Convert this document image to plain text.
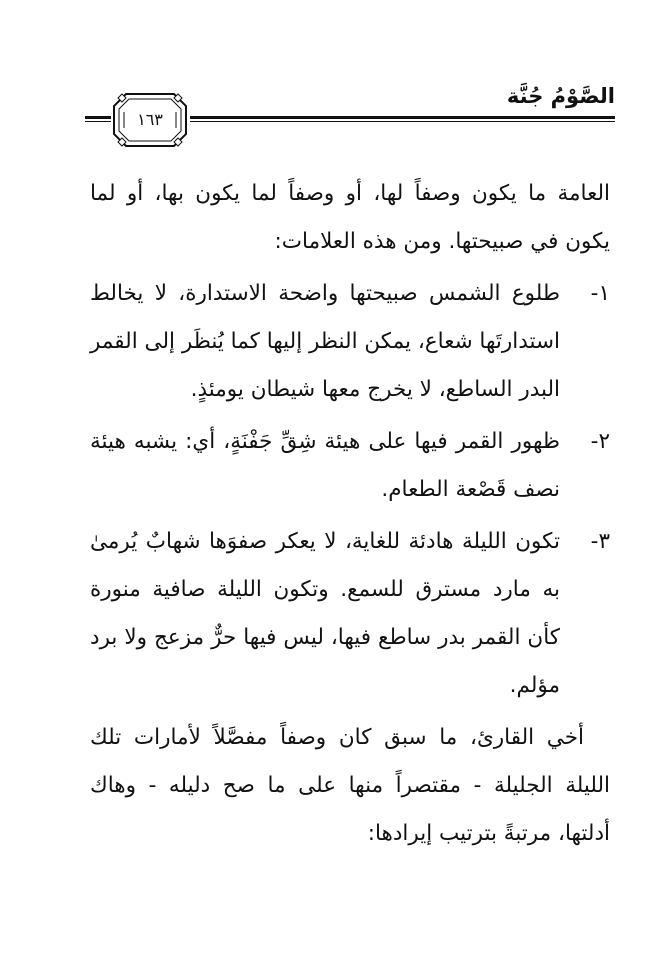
الصَّوْمُ جُنَّة
١٦٣

العامة ما يكون وصفاً لها، أو وصفاً لما يكون بها، أو لما يكون في صبيحتها. ومن هذه العلامات:

١-
طلوع الشمس صبيحتها واضحة الاستدارة، لا يخالط استدارتَها شعاع، يمكن النظر إليها كما يُنظَر إلى القمر البدر الساطع، لا يخرج معها شيطان يومئذٍ.
٢-
ظهور القمر فيها على هيئة شِقِّ جَفْنَةٍ، أي: يشبه هيئة نصف قَصْعة الطعام.
٣-
تكون الليلة هادئة للغاية، لا يعكر صفوَها شهابٌ يُرمىٰ به مارد مسترق للسمع. وتكون الليلة صافية منورة كأن القمر بدر ساطع فيها، ليس فيها حرٌّ مزعج ولا برد مؤلم.

أخي القارئ، ما سبق كان وصفاً مفصَّلاً لأمارات تلك الليلة الجليلة - مقتصراً منها على ما صح دليله - وهاك أدلتها، مرتبةً بترتيب إيرادها:
